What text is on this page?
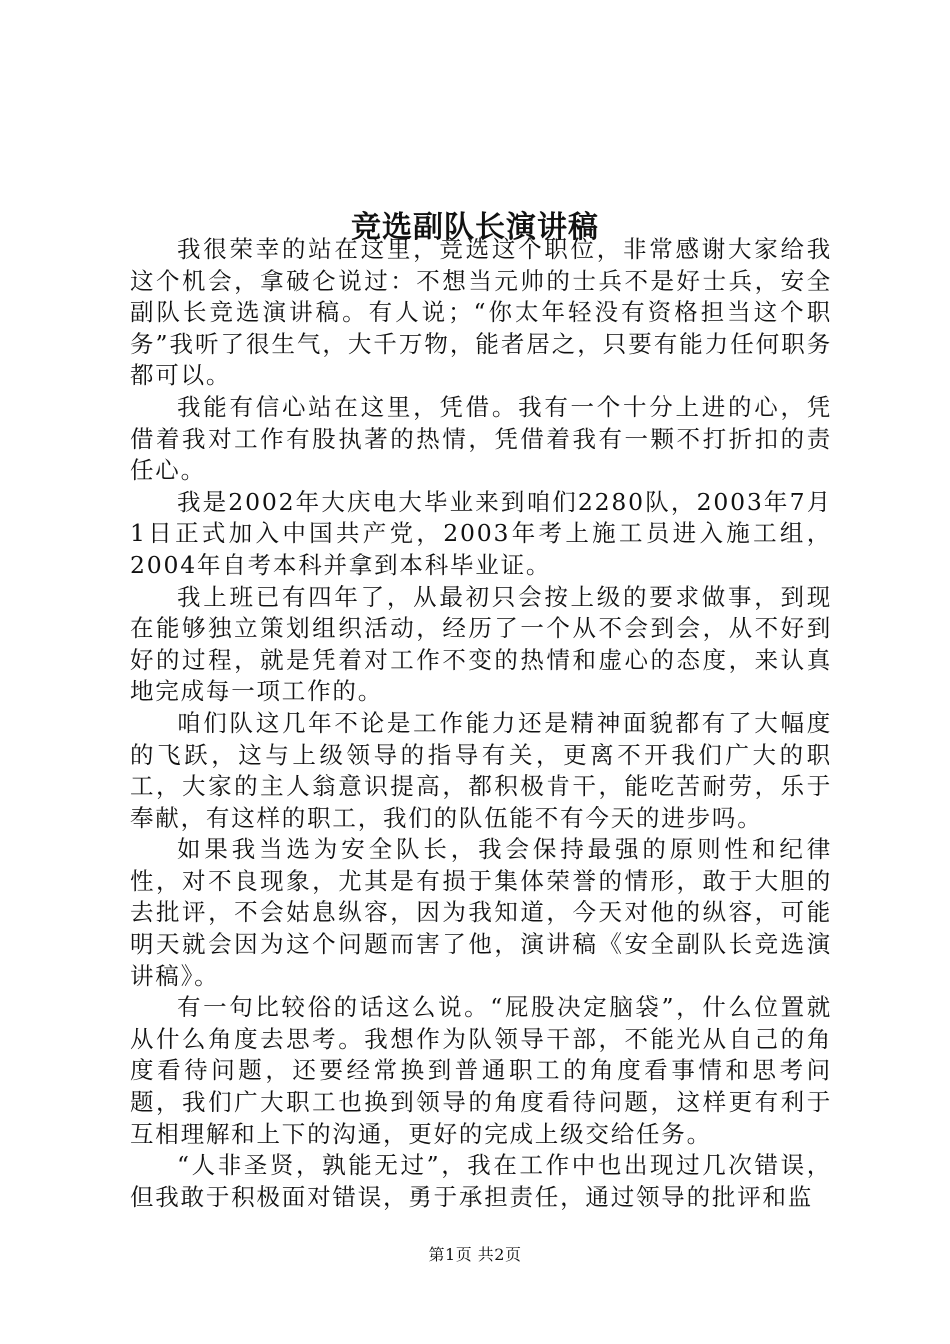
竞选副队长演讲稿

我很荣幸的站在这里，竞选这个职位，非常感谢大家给我这个机会，拿破仑说过：不想当元帅的士兵不是好士兵，安全副队长竞选演讲稿。有人说；“你太年轻没有资格担当这个职务”我听了很生气，大千万物，能者居之，只要有能力任何职务都可以。

我能有信心站在这里，凭借。我有一个十分上进的心，凭借着我对工作有股执著的热情，凭借着我有一颗不打折扣的责任心。

我是2002年大庆电大毕业来到咱们2280队，2003年7月1日正式加入中国共产党，2003年考上施工员进入施工组，2004年自考本科并拿到本科毕业证。

我上班已有四年了，从最初只会按上级的要求做事，到现在能够独立策划组织活动，经历了一个从不会到会，从不好到好的过程，就是凭着对工作不变的热情和虚心的态度，来认真地完成每一项工作的。

咱们队这几年不论是工作能力还是精神面貌都有了大幅度的飞跃，这与上级领导的指导有关，更离不开我们广大的职工，大家的主人翁意识提高，都积极肯干，能吃苦耐劳，乐于奉献，有这样的职工，我们的队伍能不有今天的进步吗。

如果我当选为安全队长，我会保持最强的原则性和纪律性，对不良现象，尤其是有损于集体荣誉的情形，敢于大胆的去批评，不会姑息纵容，因为我知道，今天对他的纵容，可能明天就会因为这个问题而害了他，演讲稿《安全副队长竞选演讲稿》。

有一句比较俗的话这么说。“屁股决定脑袋”，什么位置就从什么角度去思考。我想作为队领导干部，不能光从自己的角度看待问题，还要经常换到普通职工的角度看事情和思考问题，我们广大职工也换到领导的角度看待问题，这样更有利于互相理解和上下的沟通，更好的完成上级交给任务。

“人非圣贤，孰能无过”，我在工作中也出现过几次错误，但我敢于积极面对错误，勇于承担责任，通过领导的批评和监

第1页 共2页
